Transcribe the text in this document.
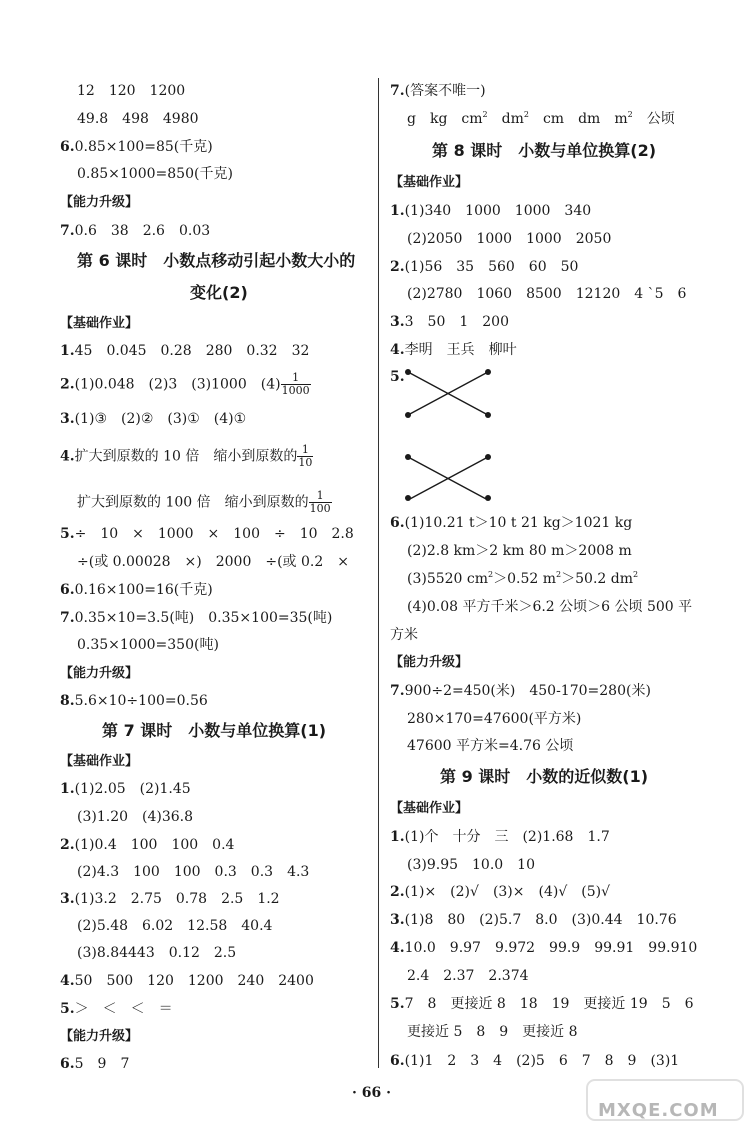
12　120　1200
49.8　498　4980
6.0.85×100=85(千克)
0.85×1000=850(千克)
【能力升级】
7.0.6　38　2.6　0.03
第 6 课时　小数点移动引起小数大小的
变化(2)
【基础作业】
1.45　0.045　0.28　280　0.32　32
2.(1)0.048　(2)3　(3)1000　$(4) \frac{1}{1000}$
3.(1)③　(2)②　(3)①　(4)①
4.扩大到原数的 10 倍　缩小到原数的 $\frac{1}{10}$
扩大到原数的 100 倍　缩小到原数的 $\frac{1}{100}$
5.÷　10　×　1000　×　100　÷　10　2.8
÷(或 0.00028　×)　2000　÷(或 0.2　×
6.0.16×100=16(千克)
7.0.35×10=3.5(吨)　0.35×100=35(吨)
0.35×1000=350(吨)
【能力升级】
8.5.6×10÷100=0.56
第 7 课时　小数与单位换算(1)
【基础作业】
1.(1)2.05　(2)1.45
(3)1.20　(4)36.8
2.(1)0.4　100　100　0.4
(2)4.3　100　100　0.3　0.3　4.3
3.(1)3.2　2.75　0.78　2.5　1.2
(2)5.48　6.02　12.58　40.4
(3)8.84443　0.12　2.5
4.50　500　120　1200　240　2400
5.＞　＜　＜　＝
【能力升级】
6.5　9　7
7.(答案不唯一)
g　kg　$cm^2$　$dm^2$　cm　dm　$m^2$　公顷
第 8 课时　小数与单位换算(2)
【基础作业】
1.(1)340　1000　1000　340
(2)2050　1000　1000　2050
2.(1)56　35　560　60　50
(2)2780　1060　8500　12120　4 `5　6
3.3　50　1　200
4.李明　王兵　柳叶
5.
6.(1)10.21 t＞10 t 21 kg＞1021 kg
(2)2.8 km＞2 km 80 m＞2008 m
(3)5520 $cm^2>0.52$ $m^2>50.2$ $dm^2$
(4)0.08 平方千米＞6.2 公顷＞6 公顷 500 平
方米
【能力升级】
7.900÷2=450(米)　450-170=280(米)
280×170=47600(平方米)
47600 平方米=4.76 公顷
第 9 课时　小数的近似数(1)
【基础作业】
1.(1)个　十分　三　(2)1.68　1.7
(3)9.95　10.0　10
2.(1)×　(2)√　(3)×　(4)√　(5)√
3.(1)8　80　(2)5.7　8.0　(3)0.44　10.76
4.10.0　9.97　9.972　99.9　99.91　99.910
2.4　2.37　2.374
5.7　8　更接近 8　18　19　更接近 19　5　6
更接近 5　8　9　更接近 8
6.(1)1　2　3　4　(2)5　6　7　8　9　(3)1
· 66 ·
MXQE.COM
